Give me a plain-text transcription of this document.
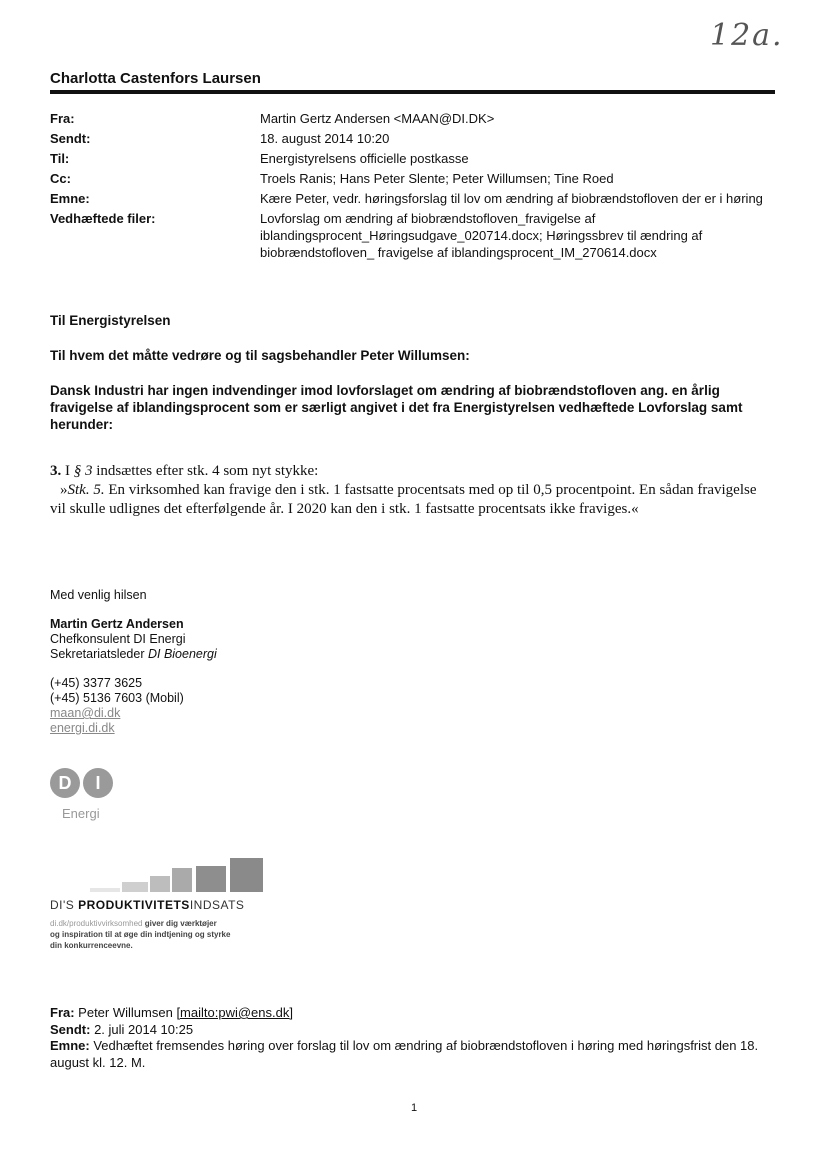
12a.
Charlotta Castenfors Laursen
Fra:	Martin Gertz Andersen <MAAN@DI.DK>
Sendt:	18. august 2014 10:20
Til:	Energistyrelsens officielle postkasse
Cc:	Troels Ranis; Hans Peter Slente; Peter Willumsen; Tine Roed
Emne:	Kære Peter, vedr. høringsforslag til lov om ændring af biobrændstofloven der er i høring
Vedhæftede filer:	Lovforslag om ændring af biobrændstofloven_fravigelse af iblandingsprocent_Høringsudgave_020714.docx; Høringssbrev til ændring af biobrændstofloven_ fravigelse af iblandingsprocent_IM_270614.docx

Til Energistyrelsen

Til hvem det måtte vedrøre og til sagsbehandler Peter Willumsen:

Dansk Industri har ingen indvendinger imod lovforslaget om ændring af biobrændstofloven ang. en årlig fravigelse af iblandingsprocent som er særligt angivet i det fra Energistyrelsen vedhæftede Lovforslag samt herunder:

3. I § 3 indsættes efter stk. 4 som nyt stykke:

»Stk. 5. En virksomhed kan fravige den i stk. 1 fastsatte procentsats med op til 0,5 procentpoint. En sådan fravigelse vil skulle udlignes det efterfølgende år. I 2020 kan den i stk. 1 fastsatte procentsats ikke fraviges.«

Med venlig hilsen

Martin Gertz Andersen

Chefkonsulent DI Energi

Sekretariatsleder DI Bioenergi

(+45) 3377 3625

(+45) 5136 7603 (Mobil)

maan@di.dk

energi.di.dk

D I
Energi
DI'S PRODUKTIVITETSINDSATS
di.dk/produktivvirksomhed giver dig værktøjer
og inspiration til at øge din indtjening og styrke
din konkurrenceevne.

Fra: Peter Willumsen [mailto:pwi@ens.dk]

Sendt: 2. juli 2014 10:25

Emne: Vedhæftet fremsendes høring over forslag til lov om ændring af biobrændstofloven i høring med høringsfrist den 18. august kl. 12. M.

1
